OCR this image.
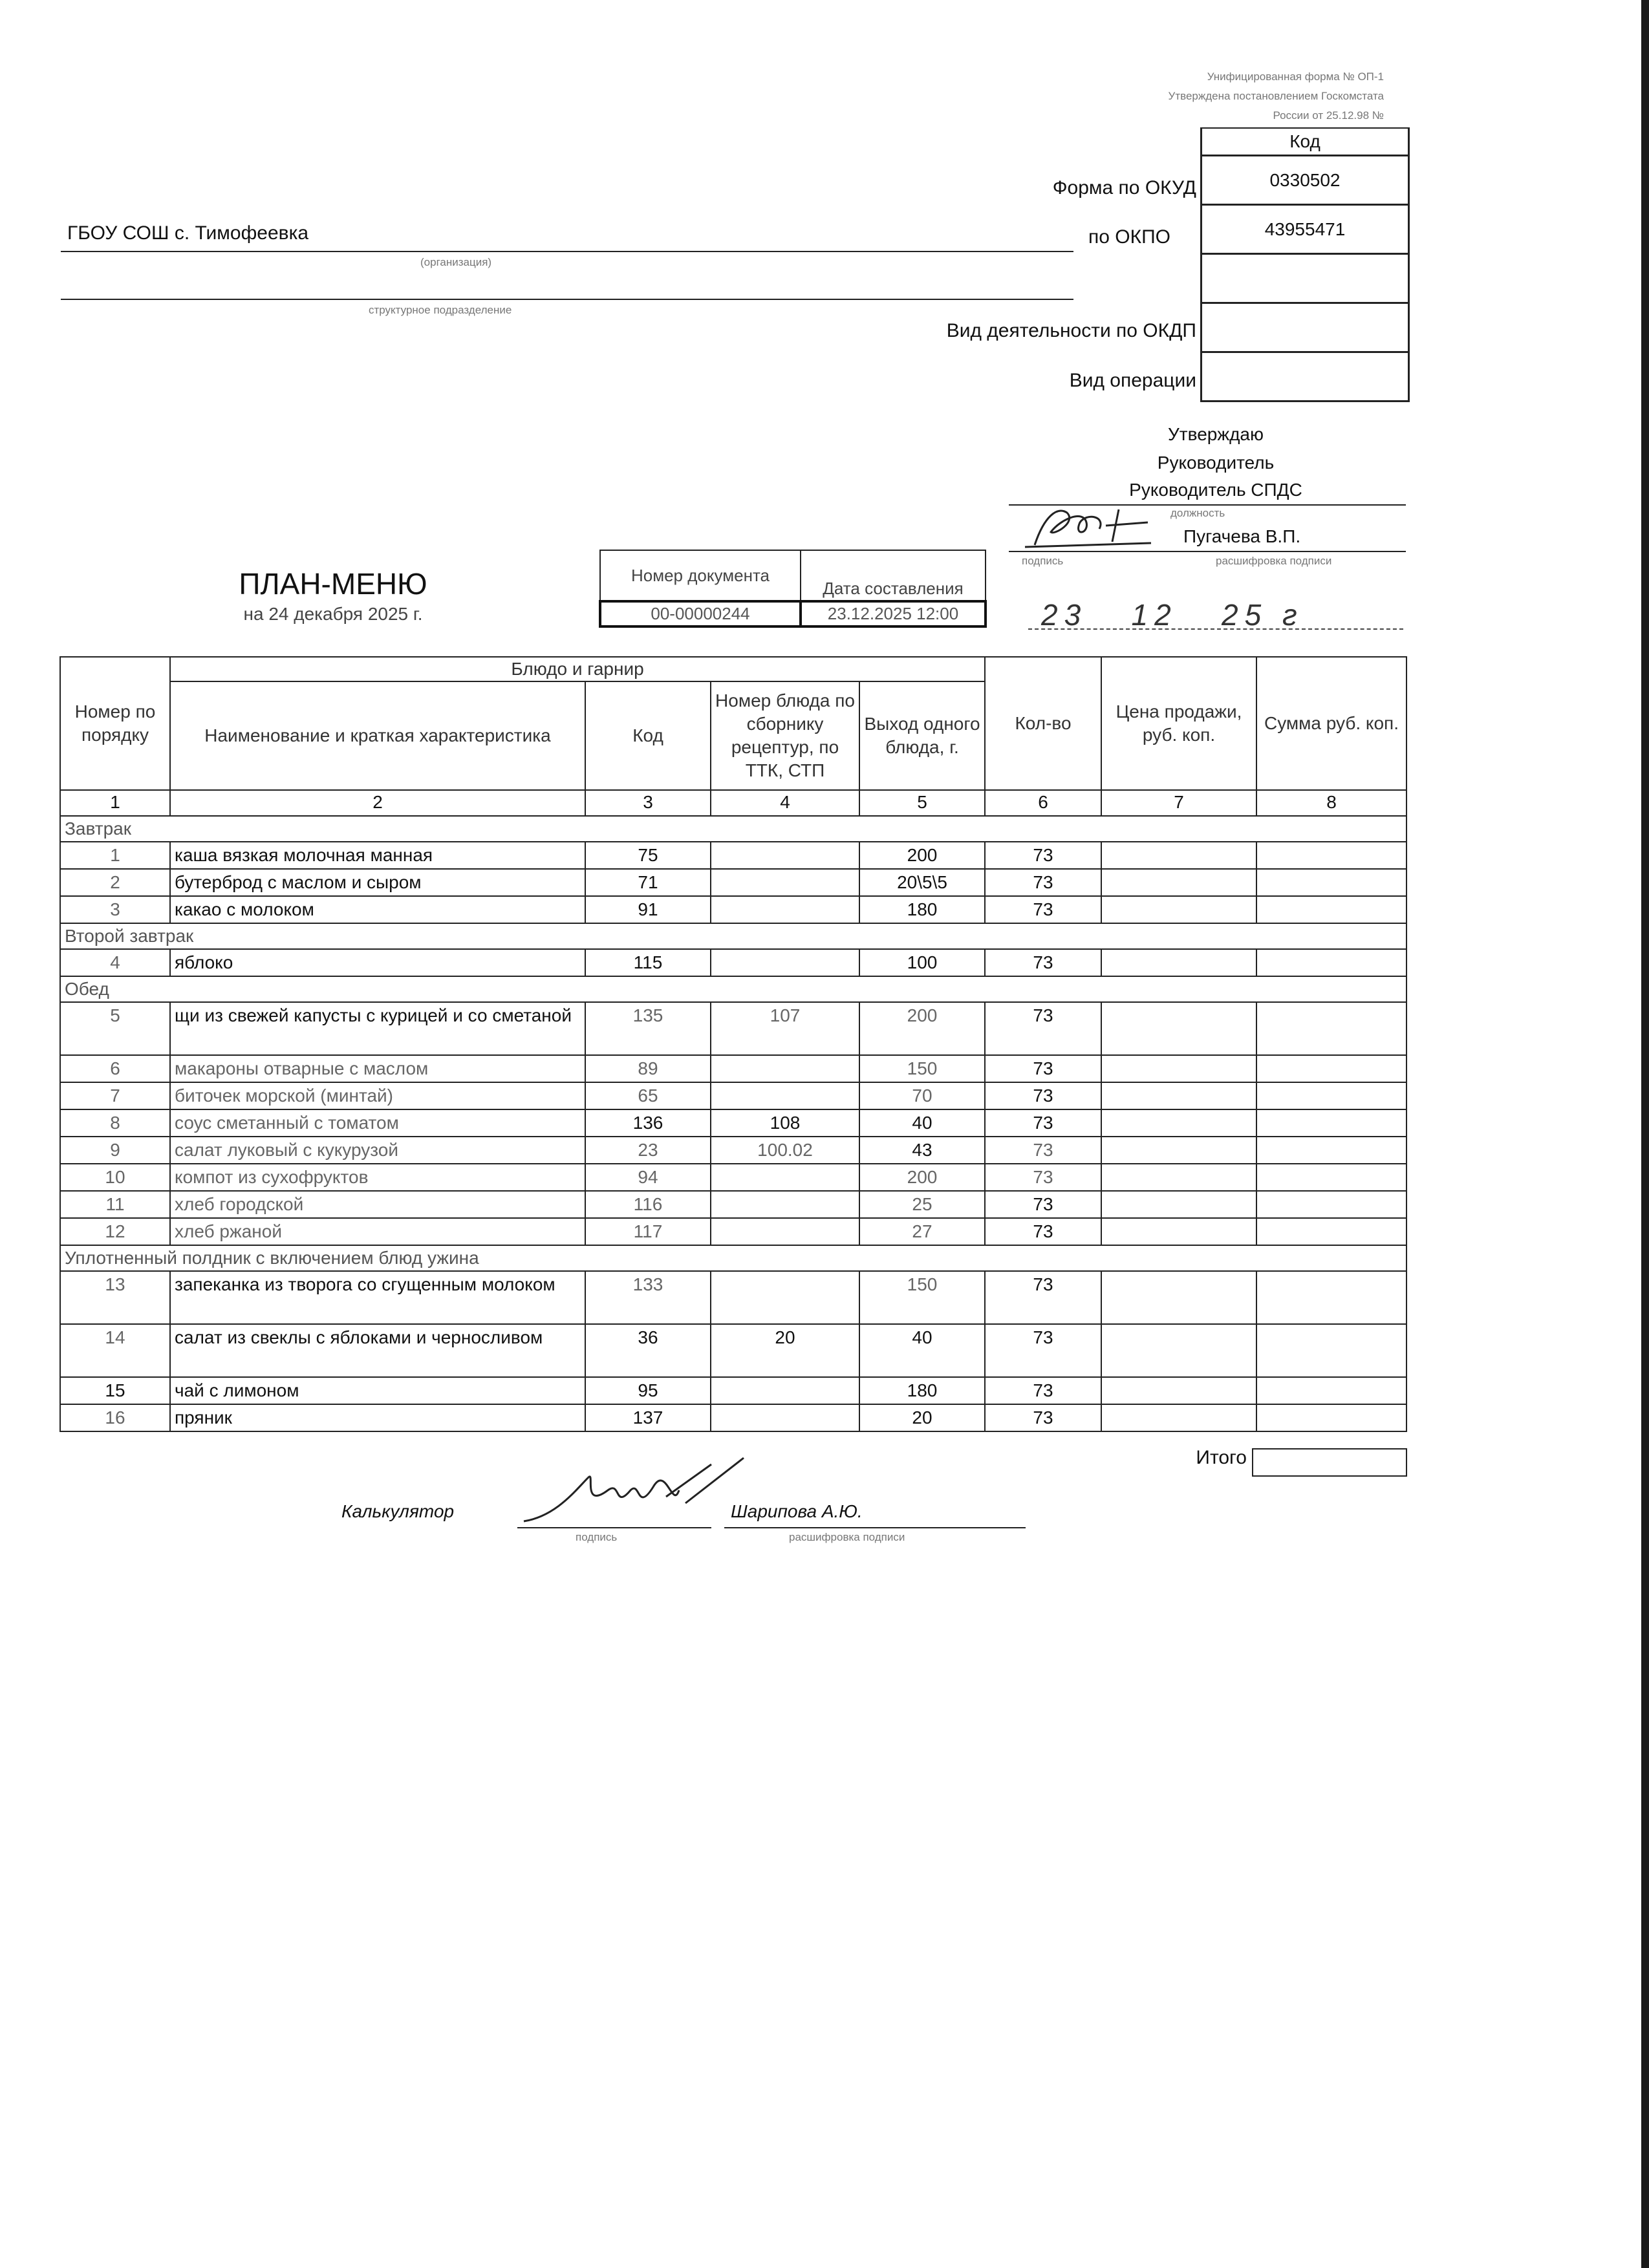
Унифицированная форма № ОП-1
Утверждена постановлением Госкомстата
России от 25.12.98 №
Код
0330502
43955471

Форма по ОКУД
по ОКПО
Вид деятельности по ОКДП
Вид операции
ГБОУ СОШ с. Тимофеевка
(организация)
структурное подразделение
Утверждаю
Руководитель
Руководитель СПДС
должность
Пугачева В.П.
подпись	расшифровка подписи
23   12   25 г
ПЛАН-МЕНЮ
на 24 декабря 2025 г.
Номер документа	Дата составления
00-00000244	23.12.2025 12:00
Номер по порядку	Блюдо и гарнир				Кол-во	Цена продажи, руб. коп.	Сумма руб. коп.
	Наименование и краткая характеристика	Код	Номер блюда по сборнику рецептур, по ТТК, СТП	Выход одного блюда, г.			
1	2	3	4	5	6	7	8
Завтрак							
1	каша вязкая молочная манная	75		200	73		
2	бутерброд с маслом и сыром	71		20\5\5	73		
3	какао с молоком	91		180	73		
Второй завтрак							
4	яблоко	115		100	73		
Обед							
5	щи из свежей капусты с курицей и со сметаной	135	107	200	73		
6	макароны отварные с маслом	89		150	73		
7	биточек морской (минтай)	65		70	73		
8	соус сметанный с томатом	136	108	40	73		
9	салат луковый с кукурузой	23	100.02	43	73		
10	компот из сухофруктов	94		200	73		
11	хлеб городской	116		25	73		
12	хлеб ржаной	117		27	73		
Уплотненный полдник с включением блюд ужина							
13	запеканка из творога со сгущенным молоком	133		150	73		
14	салат из свеклы с яблоками и черносливом	36	20	40	73		
15	чай с лимоном	95		180	73		
16	пряник	137		20	73		
Итого
Калькулятор
подпись
Шарипова А.Ю.
расшифровка подписи
